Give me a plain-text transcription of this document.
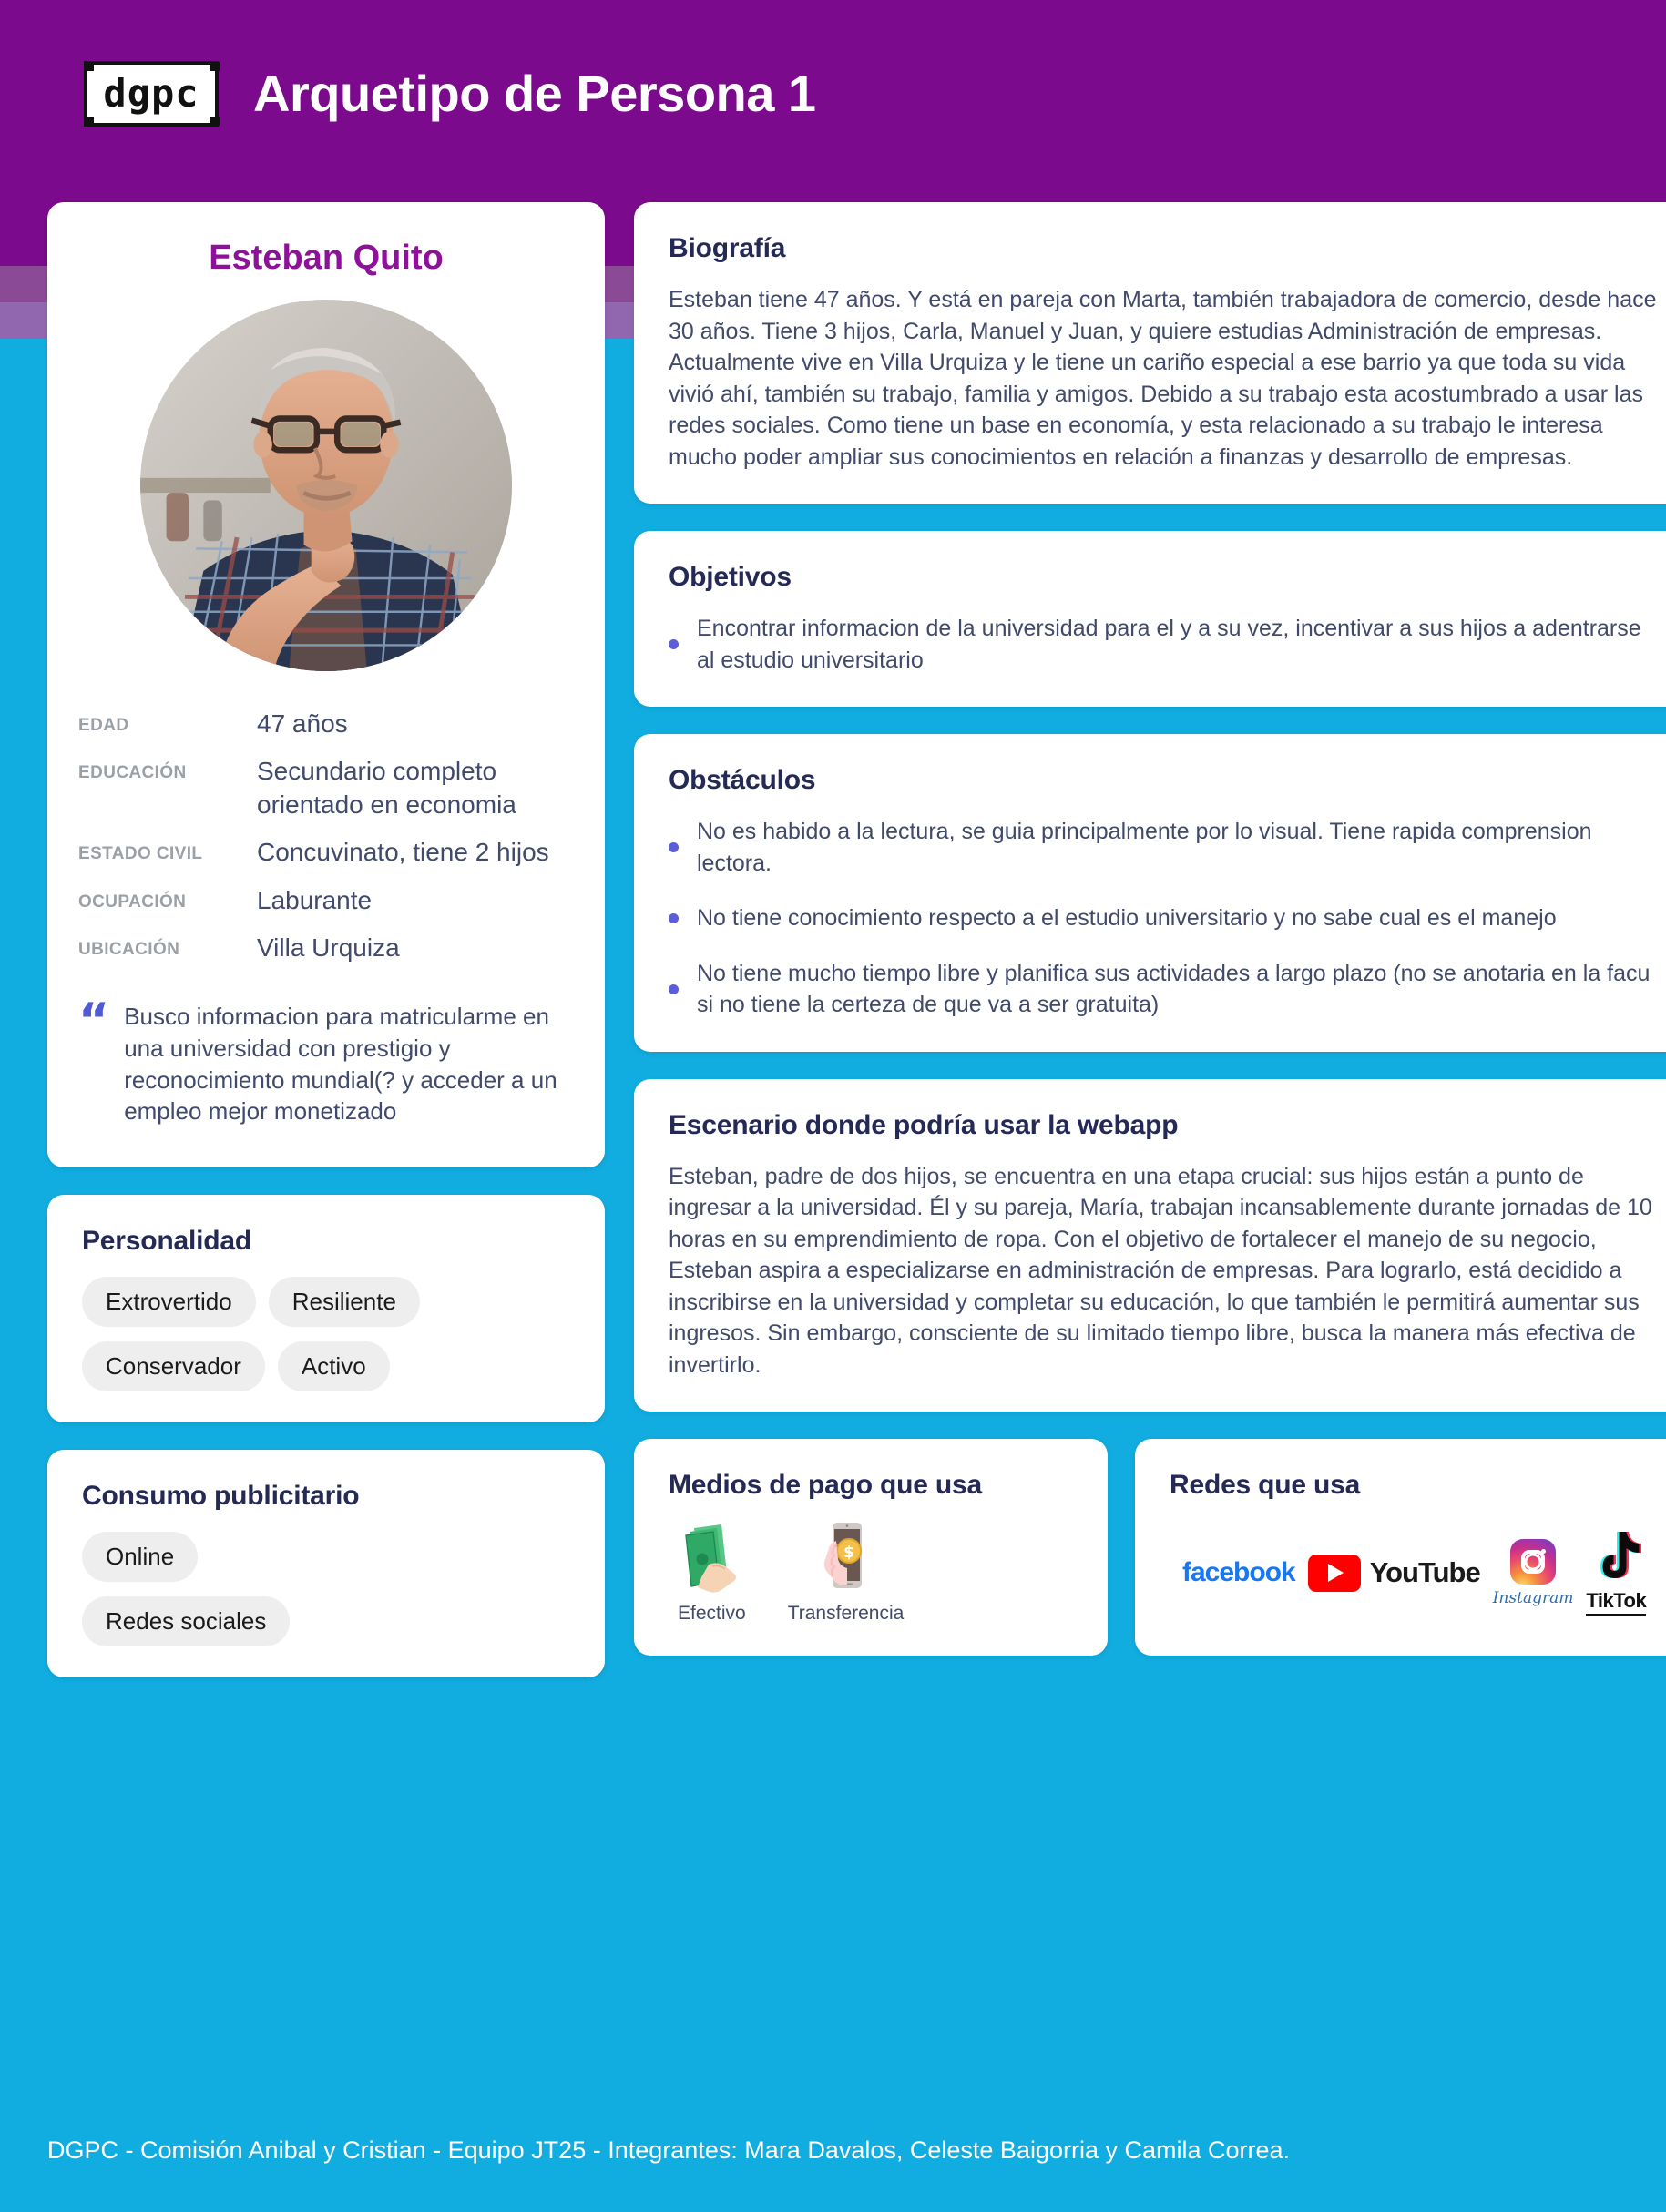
dgpc Arquetipo de Persona 1
Esteban Quito
EDAD	47 años
EDUCACIÓN	Secundario completo orientado en economia
ESTADO CIVIL	Concuvinato, tiene 2 hijos
OCUPACIÓN	Laburante
UBICACIÓN	Villa Urquiza
“ Busco informacion para matricularme en una universidad con prestigio y reconocimiento mundial(? y acceder a un empleo mejor monetizado
Personalidad
Extrovertido	Resiliente
Conservador	Activo
Consumo publicitario
Online
Redes sociales
Biografía
Esteban tiene 47 años. Y está en pareja con Marta, también trabajadora de comercio, desde hace 30 años. Tiene 3 hijos, Carla, Manuel y Juan, y quiere estudias Administración de empresas. Actualmente vive en Villa Urquiza y le tiene un cariño especial a ese barrio ya que toda su vida vivió ahí, también su trabajo, familia y amigos. Debido a su trabajo esta acostumbrado a usar las redes sociales. Como tiene un base en economía, y esta relacionado a su trabajo le interesa mucho poder ampliar sus conocimientos en relación a finanzas y desarrollo de empresas.
Objetivos
Encontrar informacion de la universidad para el y a su vez, incentivar a sus hijos a adentrarse al estudio universitario
Obstáculos
No es habido a la lectura, se guia principalmente por lo visual. Tiene rapida comprension lectora.
No tiene conocimiento respecto a el estudio universitario y no sabe cual es el manejo
No tiene mucho tiempo libre y planifica sus actividades a largo plazo (no se anotaria en la facu si no tiene la certeza de que va a ser gratuita)
Escenario donde podría usar la webapp
Esteban, padre de dos hijos, se encuentra en una etapa crucial: sus hijos están a punto de ingresar a la universidad. Él y su pareja, María, trabajan incansablemente durante jornadas de 10 horas en su emprendimiento de ropa. Con el objetivo de fortalecer el manejo de su negocio, Esteban aspira a especializarse en administración de empresas. Para lograrlo, está decidido a inscribirse en la universidad y completar su educación, lo que también le permitirá aumentar sus ingresos. Sin embargo, consciente de su limitado tiempo libre, busca la manera más efectiva de invertirlo.
Medios de pago que usa
Efectivo
$
Transferencia
Redes que usa
facebook	YouTube
Instagram TikTok
DGPC - Comisión Anibal y Cristian - Equipo JT25 - Integrantes: Mara Davalos, Celeste Baigorria y Camila Correa.
